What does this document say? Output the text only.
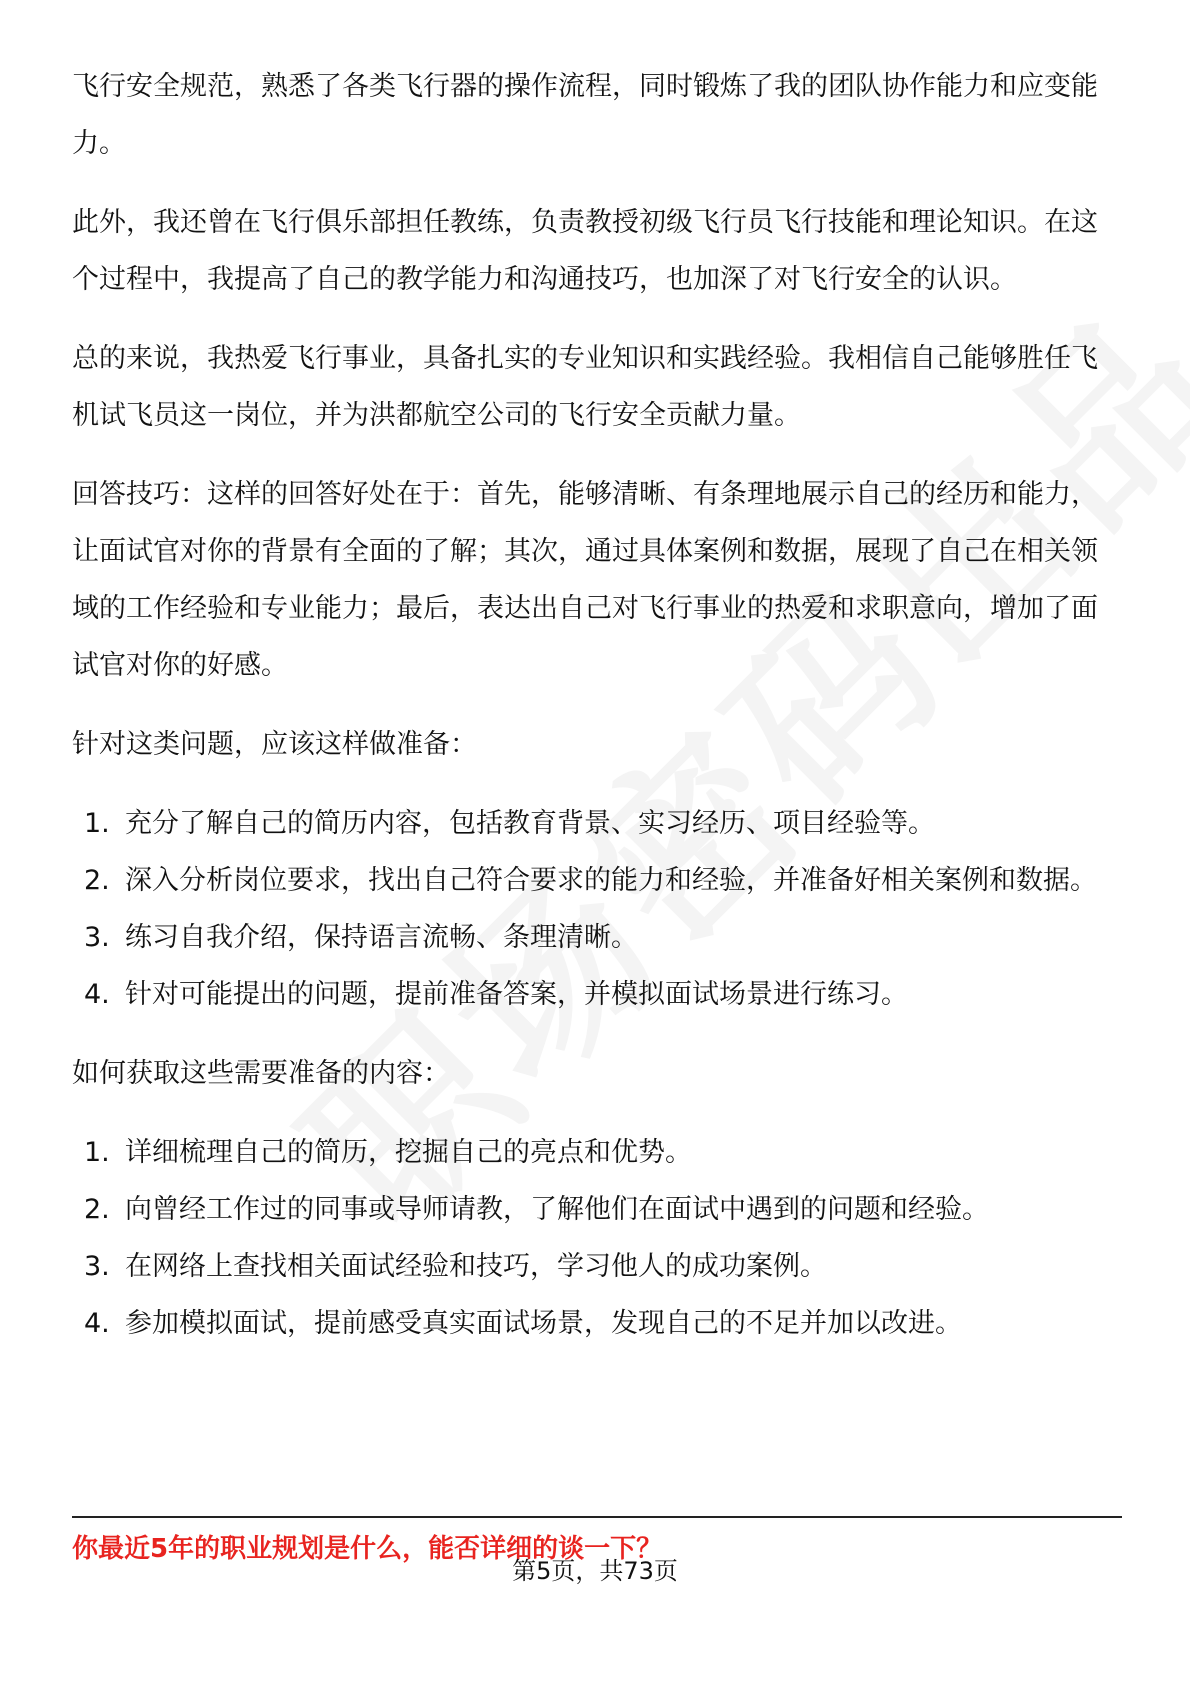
飞行安全规范，熟悉了各类飞行器的操作流程，同时锻炼了我的团队协作能力和应变能力。

此外，我还曾在飞行俱乐部担任教练，负责教授初级飞行员飞行技能和理论知识。在这个过程中，我提高了自己的教学能力和沟通技巧，也加深了对飞行安全的认识。

总的来说，我热爱飞行事业，具备扎实的专业知识和实践经验。我相信自己能够胜任飞机试飞员这一岗位，并为洪都航空公司的飞行安全贡献力量。

回答技巧：这样的回答好处在于：首先，能够清晰、有条理地展示自己的经历和能力，让面试官对你的背景有全面的了解；其次，通过具体案例和数据，展现了自己在相关领域的工作经验和专业能力；最后，表达出自己对飞行事业的热爱和求职意向，增加了面试官对你的好感。

针对这类问题，应该这样做准备：

1. 充分了解自己的简历内容，包括教育背景、实习经历、项目经验等。
2. 深入分析岗位要求，找出自己符合要求的能力和经验，并准备好相关案例和数据。
3. 练习自我介绍，保持语言流畅、条理清晰。
4. 针对可能提出的问题，提前准备答案，并模拟面试场景进行练习。

如何获取这些需要准备的内容：

1. 详细梳理自己的简历，挖掘自己的亮点和优势。
2. 向曾经工作过的同事或导师请教，了解他们在面试中遇到的问题和经验。
3. 在网络上查找相关面试经验和技巧，学习他人的成功案例。
4. 参加模拟面试，提前感受真实面试场景，发现自己的不足并加以改进。
你最近5年的职业规划是什么，能否详细的谈一下？
第5页，共73页
